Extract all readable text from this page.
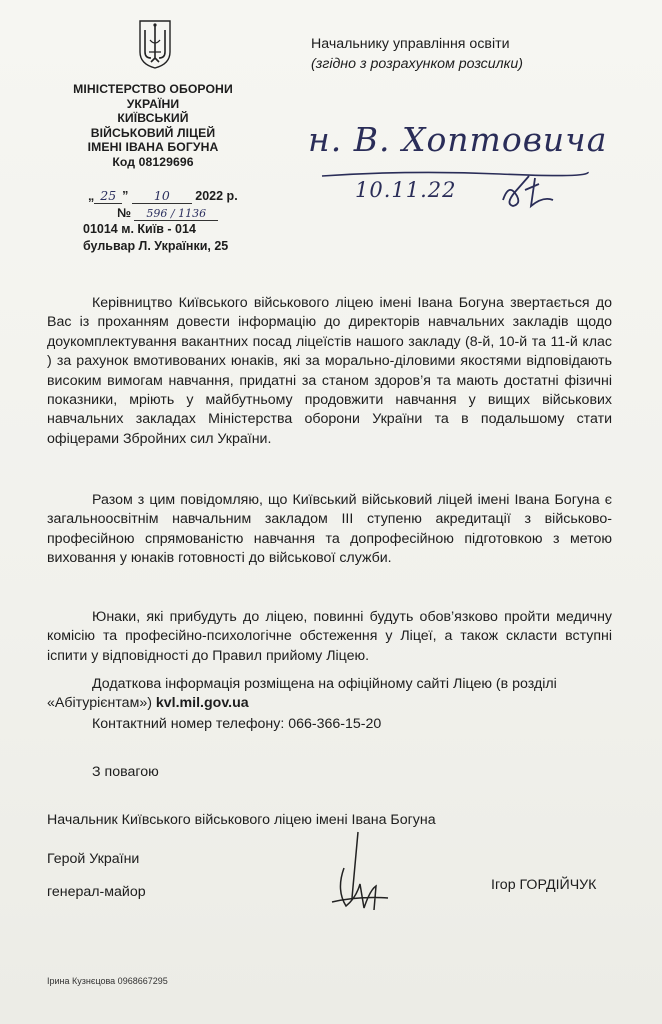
МІНІСТЕРСТВО ОБОРОНИ
УКРАЇНИ
КИЇВСЬКИЙ
ВІЙСЬКОВИЙ ЛІЦЕЙ
ІМЕНІ ІВАНА БОГУНА
Код 08129696
„ 25 ” 10 2022 р.
№ 596 / 1136
01014 м. Київ - 014
бульвар Л. Українки, 25
Начальнику управління освіти
(згідно з розрахунком розсилки)
н. В. Хоптовича
10.11.22
Керівництво Київського військового ліцею імені Івана Богуна звертається до Вас із проханням довести інформацію до директорів навчальних закладів щодо доукомплектування вакантних посад ліцеїстів нашого закладу (8-й, 10-й та 11-й клас ) за рахунок вмотивованих юнаків, які за морально-діловими якостями відповідають високим вимогам навчання, придатні за станом здоров’я та мають достатні фізичні показники, мріють у майбутньому продовжити навчання у вищих військових навчальних закладах Міністерства оборони України та в подальшому стати офіцерами Збройних сил України.
Разом з цим повідомляю, що Київський військовий ліцей імені Івана Богуна є загальноосвітнім навчальним закладом ІІІ ступеню акредитації з військово-професійною спрямованістю навчання та допрофесійною підготовкою з метою виховання у юнаків готовності до військової служби.
Юнаки, які прибудуть до ліцею, повинні будуть обов’язково пройти медичну комісію та професійно-психологічне обстеження у Ліцеї, а також скласти вступні іспити у відповідності до Правил прийому Ліцею.
Додаткова інформація розміщена на офіційному сайті Ліцею (в розділі «Абітурієнтам») kvl.mil.gov.ua
Контактний номер телефону: 066-366-15-20
З повагою
Начальник Київського військового ліцею імені Івана Богуна
Герой України
генерал-майор	Ігор ГОРДІЙЧУК
Ірина Кузнєцова 0968667295
